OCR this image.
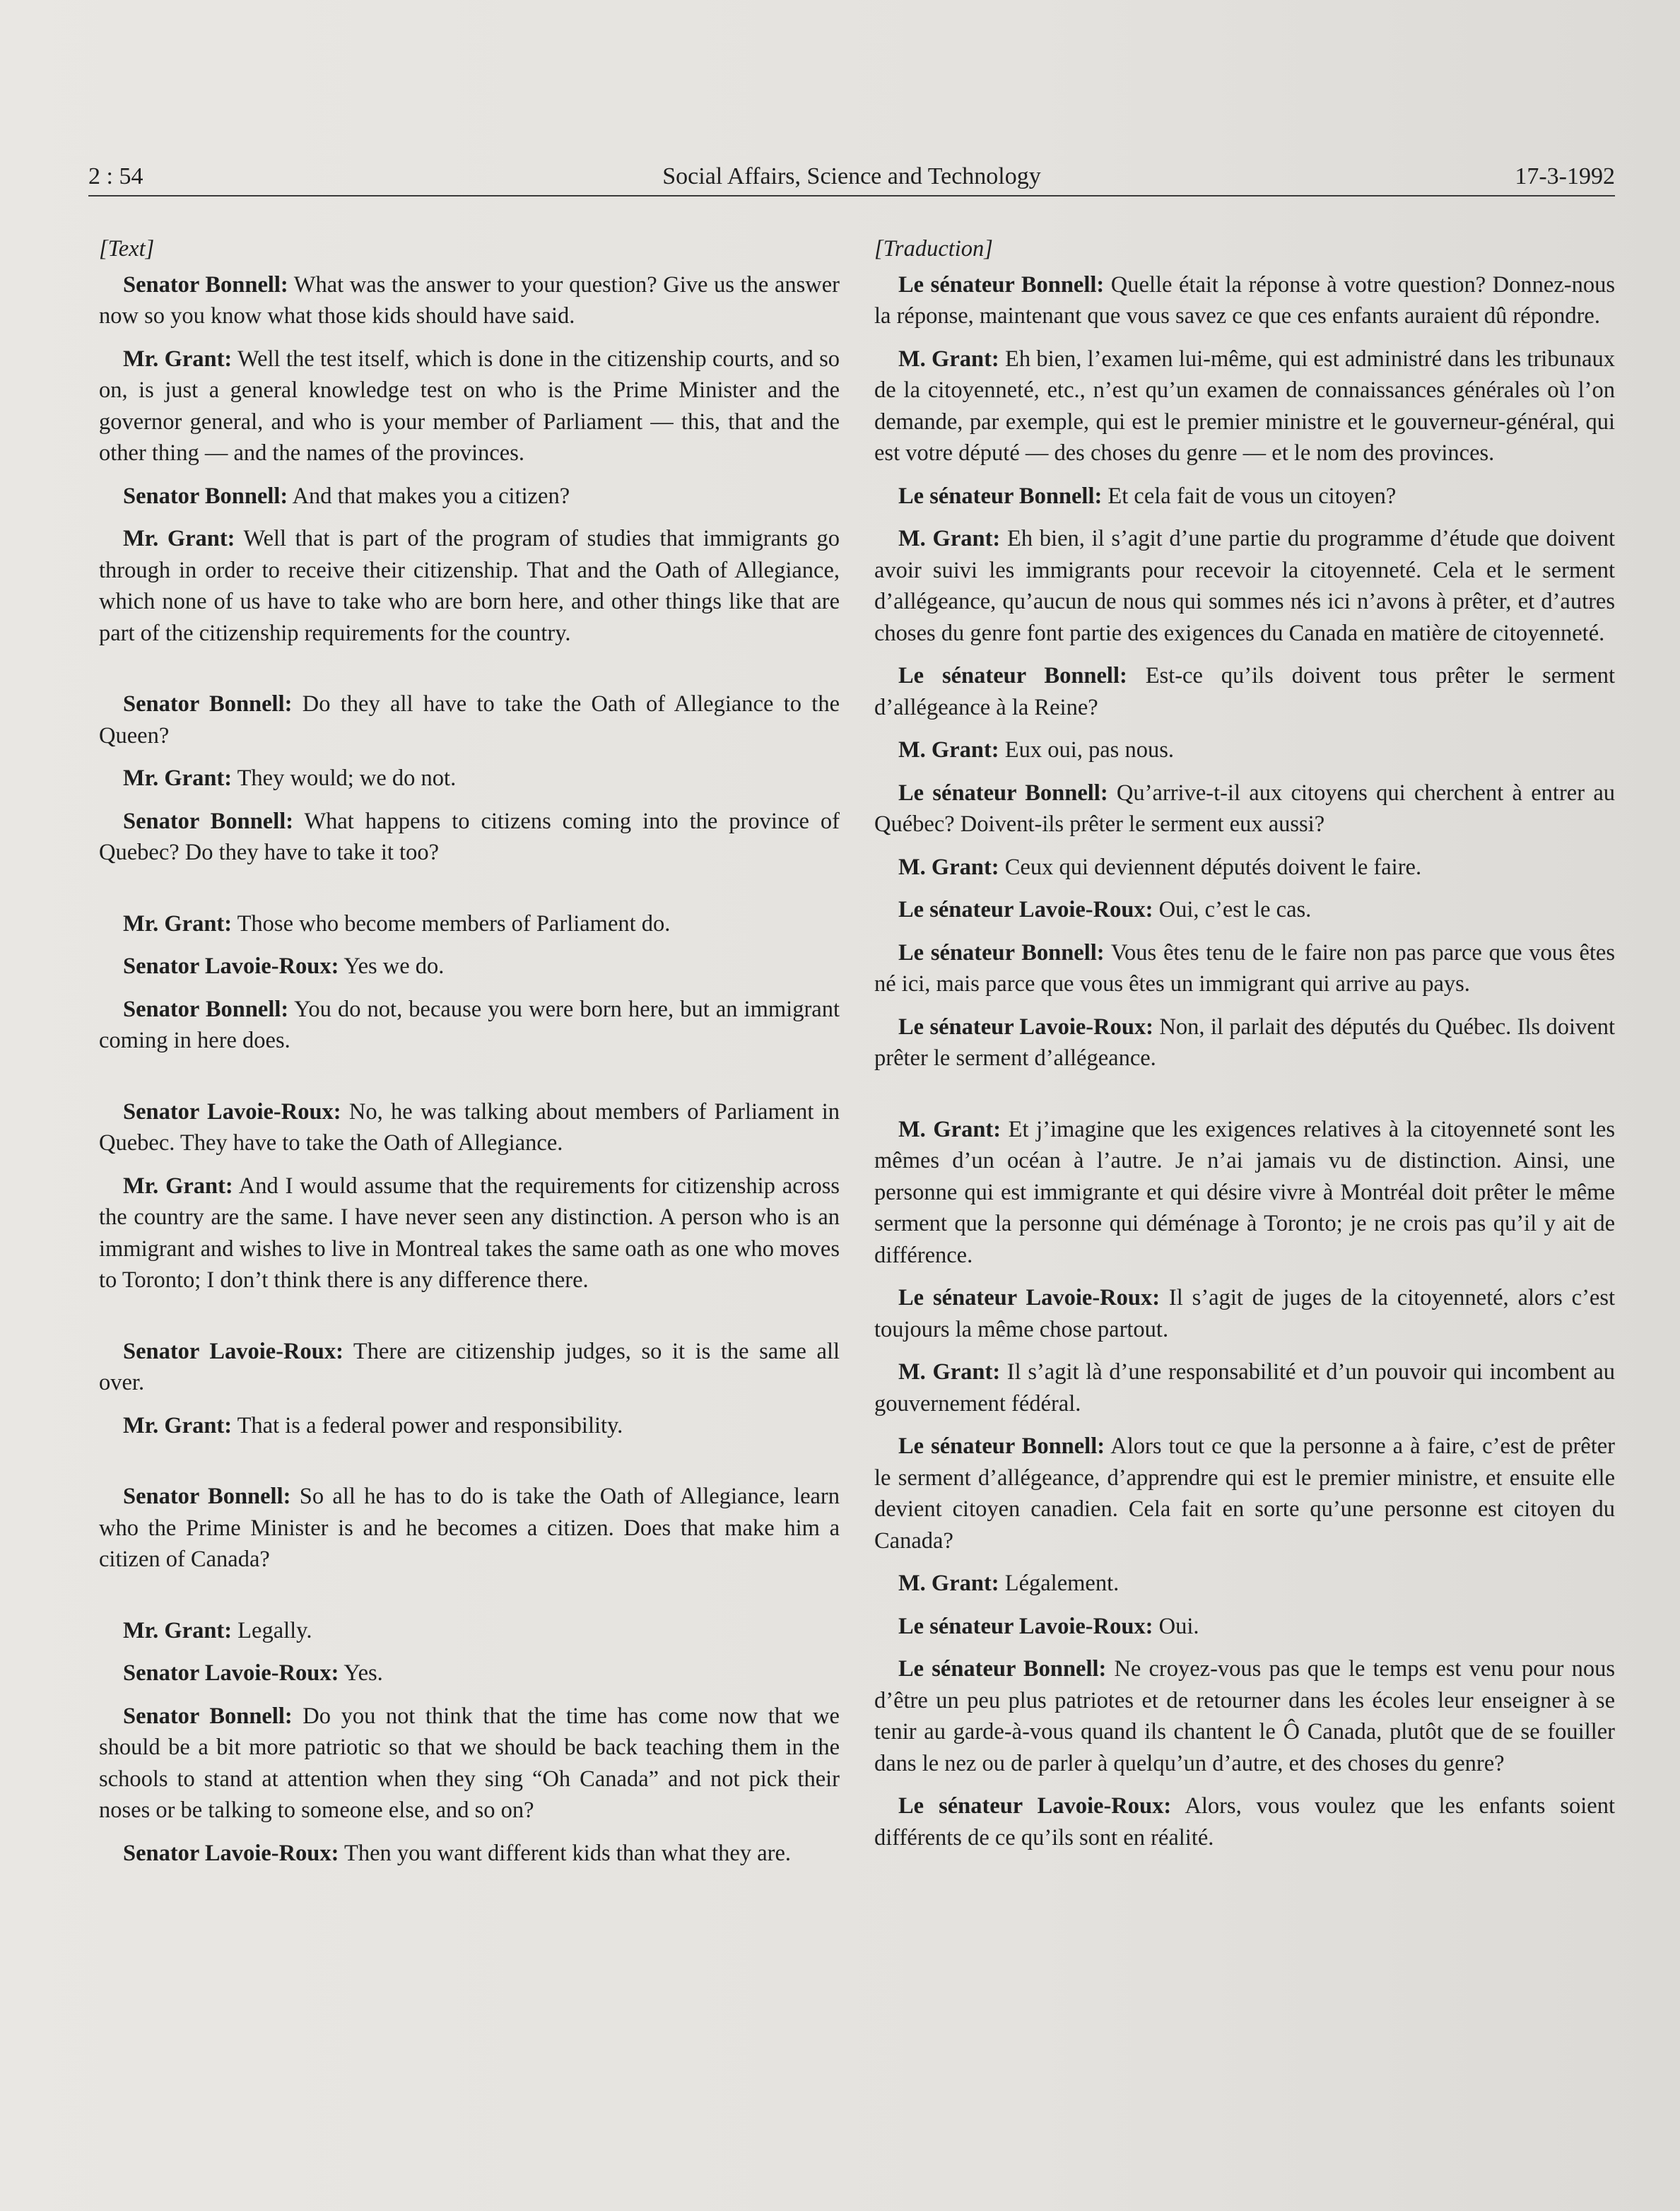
2 : 54	Social Affairs, Science and Technology	17-3-1992
[Text]

Senator Bonnell: What was the answer to your question? Give us the answer now so you know what those kids should have said.

Mr. Grant: Well the test itself, which is done in the citizenship courts, and so on, is just a general knowledge test on who is the Prime Minister and the governor general, and who is your member of Parliament — this, that and the other thing — and the names of the provinces.

Senator Bonnell: And that makes you a citizen?

Mr. Grant: Well that is part of the program of studies that immigrants go through in order to receive their citizenship. That and the Oath of Allegiance, which none of us have to take who are born here, and other things like that are part of the citizenship requirements for the country.

Senator Bonnell: Do they all have to take the Oath of Allegiance to the Queen?

Mr. Grant: They would; we do not.

Senator Bonnell: What happens to citizens coming into the province of Quebec? Do they have to take it too?

Mr. Grant: Those who become members of Parliament do.

Senator Lavoie-Roux: Yes we do.

Senator Bonnell: You do not, because you were born here, but an immigrant coming in here does.

Senator Lavoie-Roux: No, he was talking about members of Parliament in Quebec. They have to take the Oath of Allegiance.

Mr. Grant: And I would assume that the requirements for citizenship across the country are the same. I have never seen any distinction. A person who is an immigrant and wishes to live in Montreal takes the same oath as one who moves to Toronto; I don’t think there is any difference there.

Senator Lavoie-Roux: There are citizenship judges, so it is the same all over.

Mr. Grant: That is a federal power and responsibility.

Senator Bonnell: So all he has to do is take the Oath of Allegiance, learn who the Prime Minister is and he becomes a citizen. Does that make him a citizen of Canada?

Mr. Grant: Legally.

Senator Lavoie-Roux: Yes.

Senator Bonnell: Do you not think that the time has come now that we should be a bit more patriotic so that we should be back teaching them in the schools to stand at attention when they sing “Oh Canada” and not pick their noses or be talking to someone else, and so on?

Senator Lavoie-Roux: Then you want different kids than what they are.

[Traduction]

Le sénateur Bonnell: Quelle était la réponse à votre question? Donnez-nous la réponse, maintenant que vous savez ce que ces enfants auraient dû répondre.

M. Grant: Eh bien, l’examen lui-même, qui est administré dans les tribunaux de la citoyenneté, etc., n’est qu’un examen de connaissances générales où l’on demande, par exemple, qui est le premier ministre et le gouverneur-général, qui est votre député — des choses du genre — et le nom des provinces.

Le sénateur Bonnell: Et cela fait de vous un citoyen?

M. Grant: Eh bien, il s’agit d’une partie du programme d’étude que doivent avoir suivi les immigrants pour recevoir la citoyenneté. Cela et le serment d’allégeance, qu’aucun de nous qui sommes nés ici n’avons à prêter, et d’autres choses du genre font partie des exigences du Canada en matière de citoyenneté.

Le sénateur Bonnell: Est-ce qu’ils doivent tous prêter le serment d’allégeance à la Reine?

M. Grant: Eux oui, pas nous.

Le sénateur Bonnell: Qu’arrive-t-il aux citoyens qui cherchent à entrer au Québec? Doivent-ils prêter le serment eux aussi?

M. Grant: Ceux qui deviennent députés doivent le faire.

Le sénateur Lavoie-Roux: Oui, c’est le cas.

Le sénateur Bonnell: Vous êtes tenu de le faire non pas parce que vous êtes né ici, mais parce que vous êtes un immigrant qui arrive au pays.

Le sénateur Lavoie-Roux: Non, il parlait des députés du Québec. Ils doivent prêter le serment d’allégeance.

M. Grant: Et j’imagine que les exigences relatives à la citoyenneté sont les mêmes d’un océan à l’autre. Je n’ai jamais vu de distinction. Ainsi, une personne qui est immigrante et qui désire vivre à Montréal doit prêter le même serment que la personne qui déménage à Toronto; je ne crois pas qu’il y ait de différence.

Le sénateur Lavoie-Roux: Il s’agit de juges de la citoyenneté, alors c’est toujours la même chose partout.

M. Grant: Il s’agit là d’une responsabilité et d’un pouvoir qui incombent au gouvernement fédéral.

Le sénateur Bonnell: Alors tout ce que la personne a à faire, c’est de prêter le serment d’allégeance, d’apprendre qui est le premier ministre, et ensuite elle devient citoyen canadien. Cela fait en sorte qu’une personne est citoyen du Canada?

M. Grant: Légalement.

Le sénateur Lavoie-Roux: Oui.

Le sénateur Bonnell: Ne croyez-vous pas que le temps est venu pour nous d’être un peu plus patriotes et de retourner dans les écoles leur enseigner à se tenir au garde-à-vous quand ils chantent le Ô Canada, plutôt que de se fouiller dans le nez ou de parler à quelqu’un d’autre, et des choses du genre?

Le sénateur Lavoie-Roux: Alors, vous voulez que les enfants soient différents de ce qu’ils sont en réalité.
